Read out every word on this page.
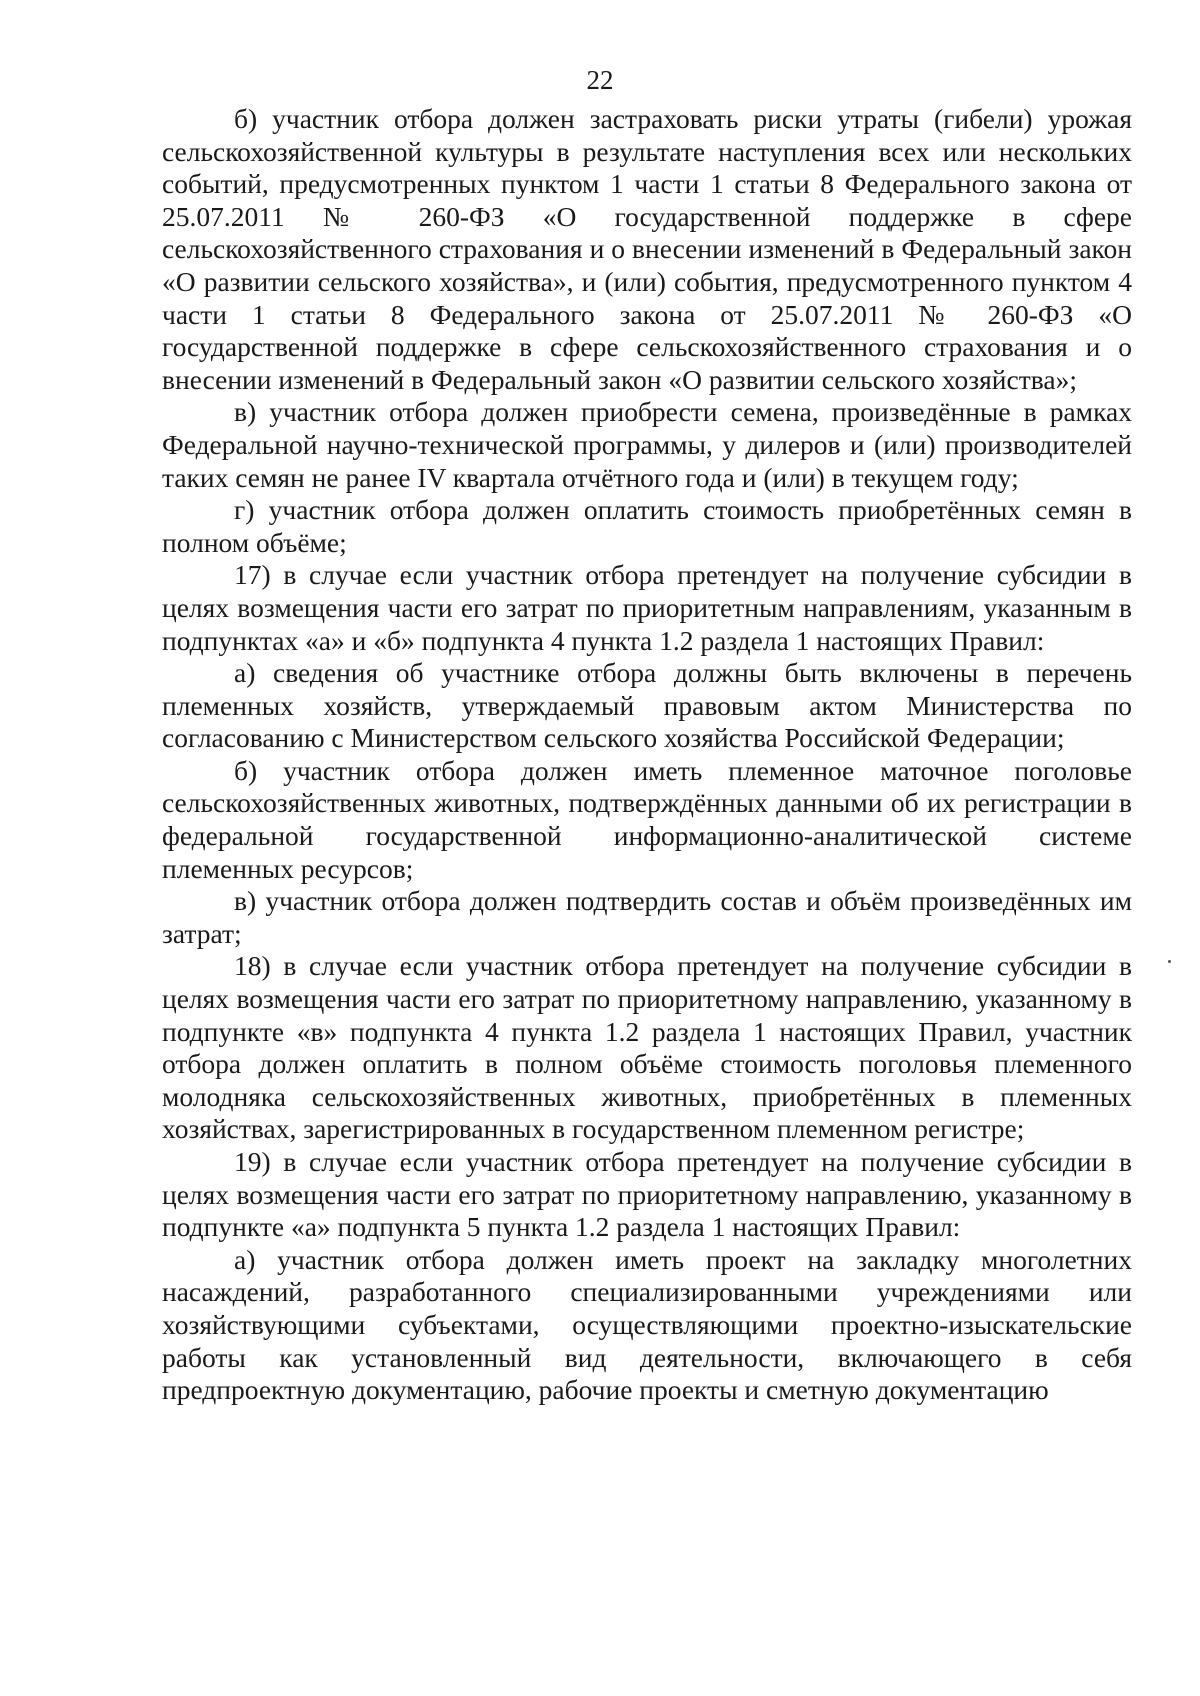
22

б) участник отбора должен застраховать риски утраты (гибели) урожая сельскохозяйственной культуры в результате наступления всех или нескольких событий, предусмотренных пунктом 1 части 1 статьи 8 Федерального закона от 25.07.2011 № 260-ФЗ «О государственной поддержке в сфере сельскохозяйственного страхования и о внесении изменений в Федеральный закон «О развитии сельского хозяйства», и (или) события, предусмотренного пунктом 4 части 1 статьи 8 Федерального закона от 25.07.2011 № 260-ФЗ «О государственной поддержке в сфере сельскохозяйственного страхования и о внесении изменений в Федеральный закон «О развитии сельского хозяйства»;

в) участник отбора должен приобрести семена, произведённые в рамках Федеральной научно-технической программы, у дилеров и (или) производителей таких семян не ранее IV квартала отчётного года и (или) в текущем году;

г) участник отбора должен оплатить стоимость приобретённых семян в полном объёме;

17) в случае если участник отбора претендует на получение субсидии в целях возмещения части его затрат по приоритетным направлениям, указанным в подпунктах «а» и «б» подпункта 4 пункта 1.2 раздела 1 настоящих Правил:

а) сведения об участнике отбора должны быть включены в перечень племенных хозяйств, утверждаемый правовым актом Министерства по согласованию с Министерством сельского хозяйства Российской Федерации;

б) участник отбора должен иметь племенное маточное поголовье сельскохозяйственных животных, подтверждённых данными об их регистрации в федеральной государственной информационно-аналитической системе племенных ресурсов;

в) участник отбора должен подтвердить состав и объём произведённых им затрат;

18) в случае если участник отбора претендует на получение субсидии в целях возмещения части его затрат по приоритетному направлению, указанному в подпункте «в» подпункта 4 пункта 1.2 раздела 1 настоящих Правил, участник отбора должен оплатить в полном объёме стоимость поголовья племенного молодняка сельскохозяйственных животных, приобретённых в племенных хозяйствах, зарегистрированных в государственном племенном регистре;

19) в случае если участник отбора претендует на получение субсидии в целях возмещения части его затрат по приоритетному направлению, указанному в подпункте «а» подпункта 5 пункта 1.2 раздела 1 настоящих Правил:

а) участник отбора должен иметь проект на закладку многолетних насаждений, разработанного специализированными учреждениями или хозяйствующими субъектами, осуществляющими проектно-изыскательские работы как установленный вид деятельности, включающего в себя предпроектную документацию, рабочие проекты и сметную документацию
